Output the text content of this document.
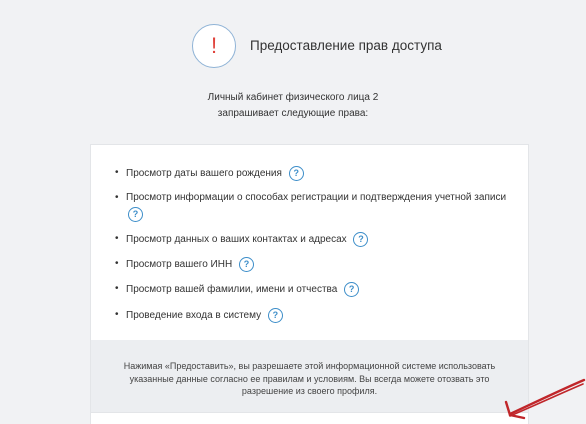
! Предоставление прав доступа
Личный кабинет физического лица 2
запрашивает следующие права:
• Просмотр даты вашего рождения ?
• Просмотр информации о способах регистрации и подтверждения учетной записи
?
• Просмотр данных о ваших контактах и адресах ?
• Просмотр вашего ИНН ?
• Просмотр вашей фамилии, имени и отчества ?
• Проведение входа в систему ?
Нажимая «Предоставить», вы разрешаете этой информационной системе использовать указанные данные согласно ее правилам и условиям. Вы всегда можете отозвать это разрешение из своего профиля.
